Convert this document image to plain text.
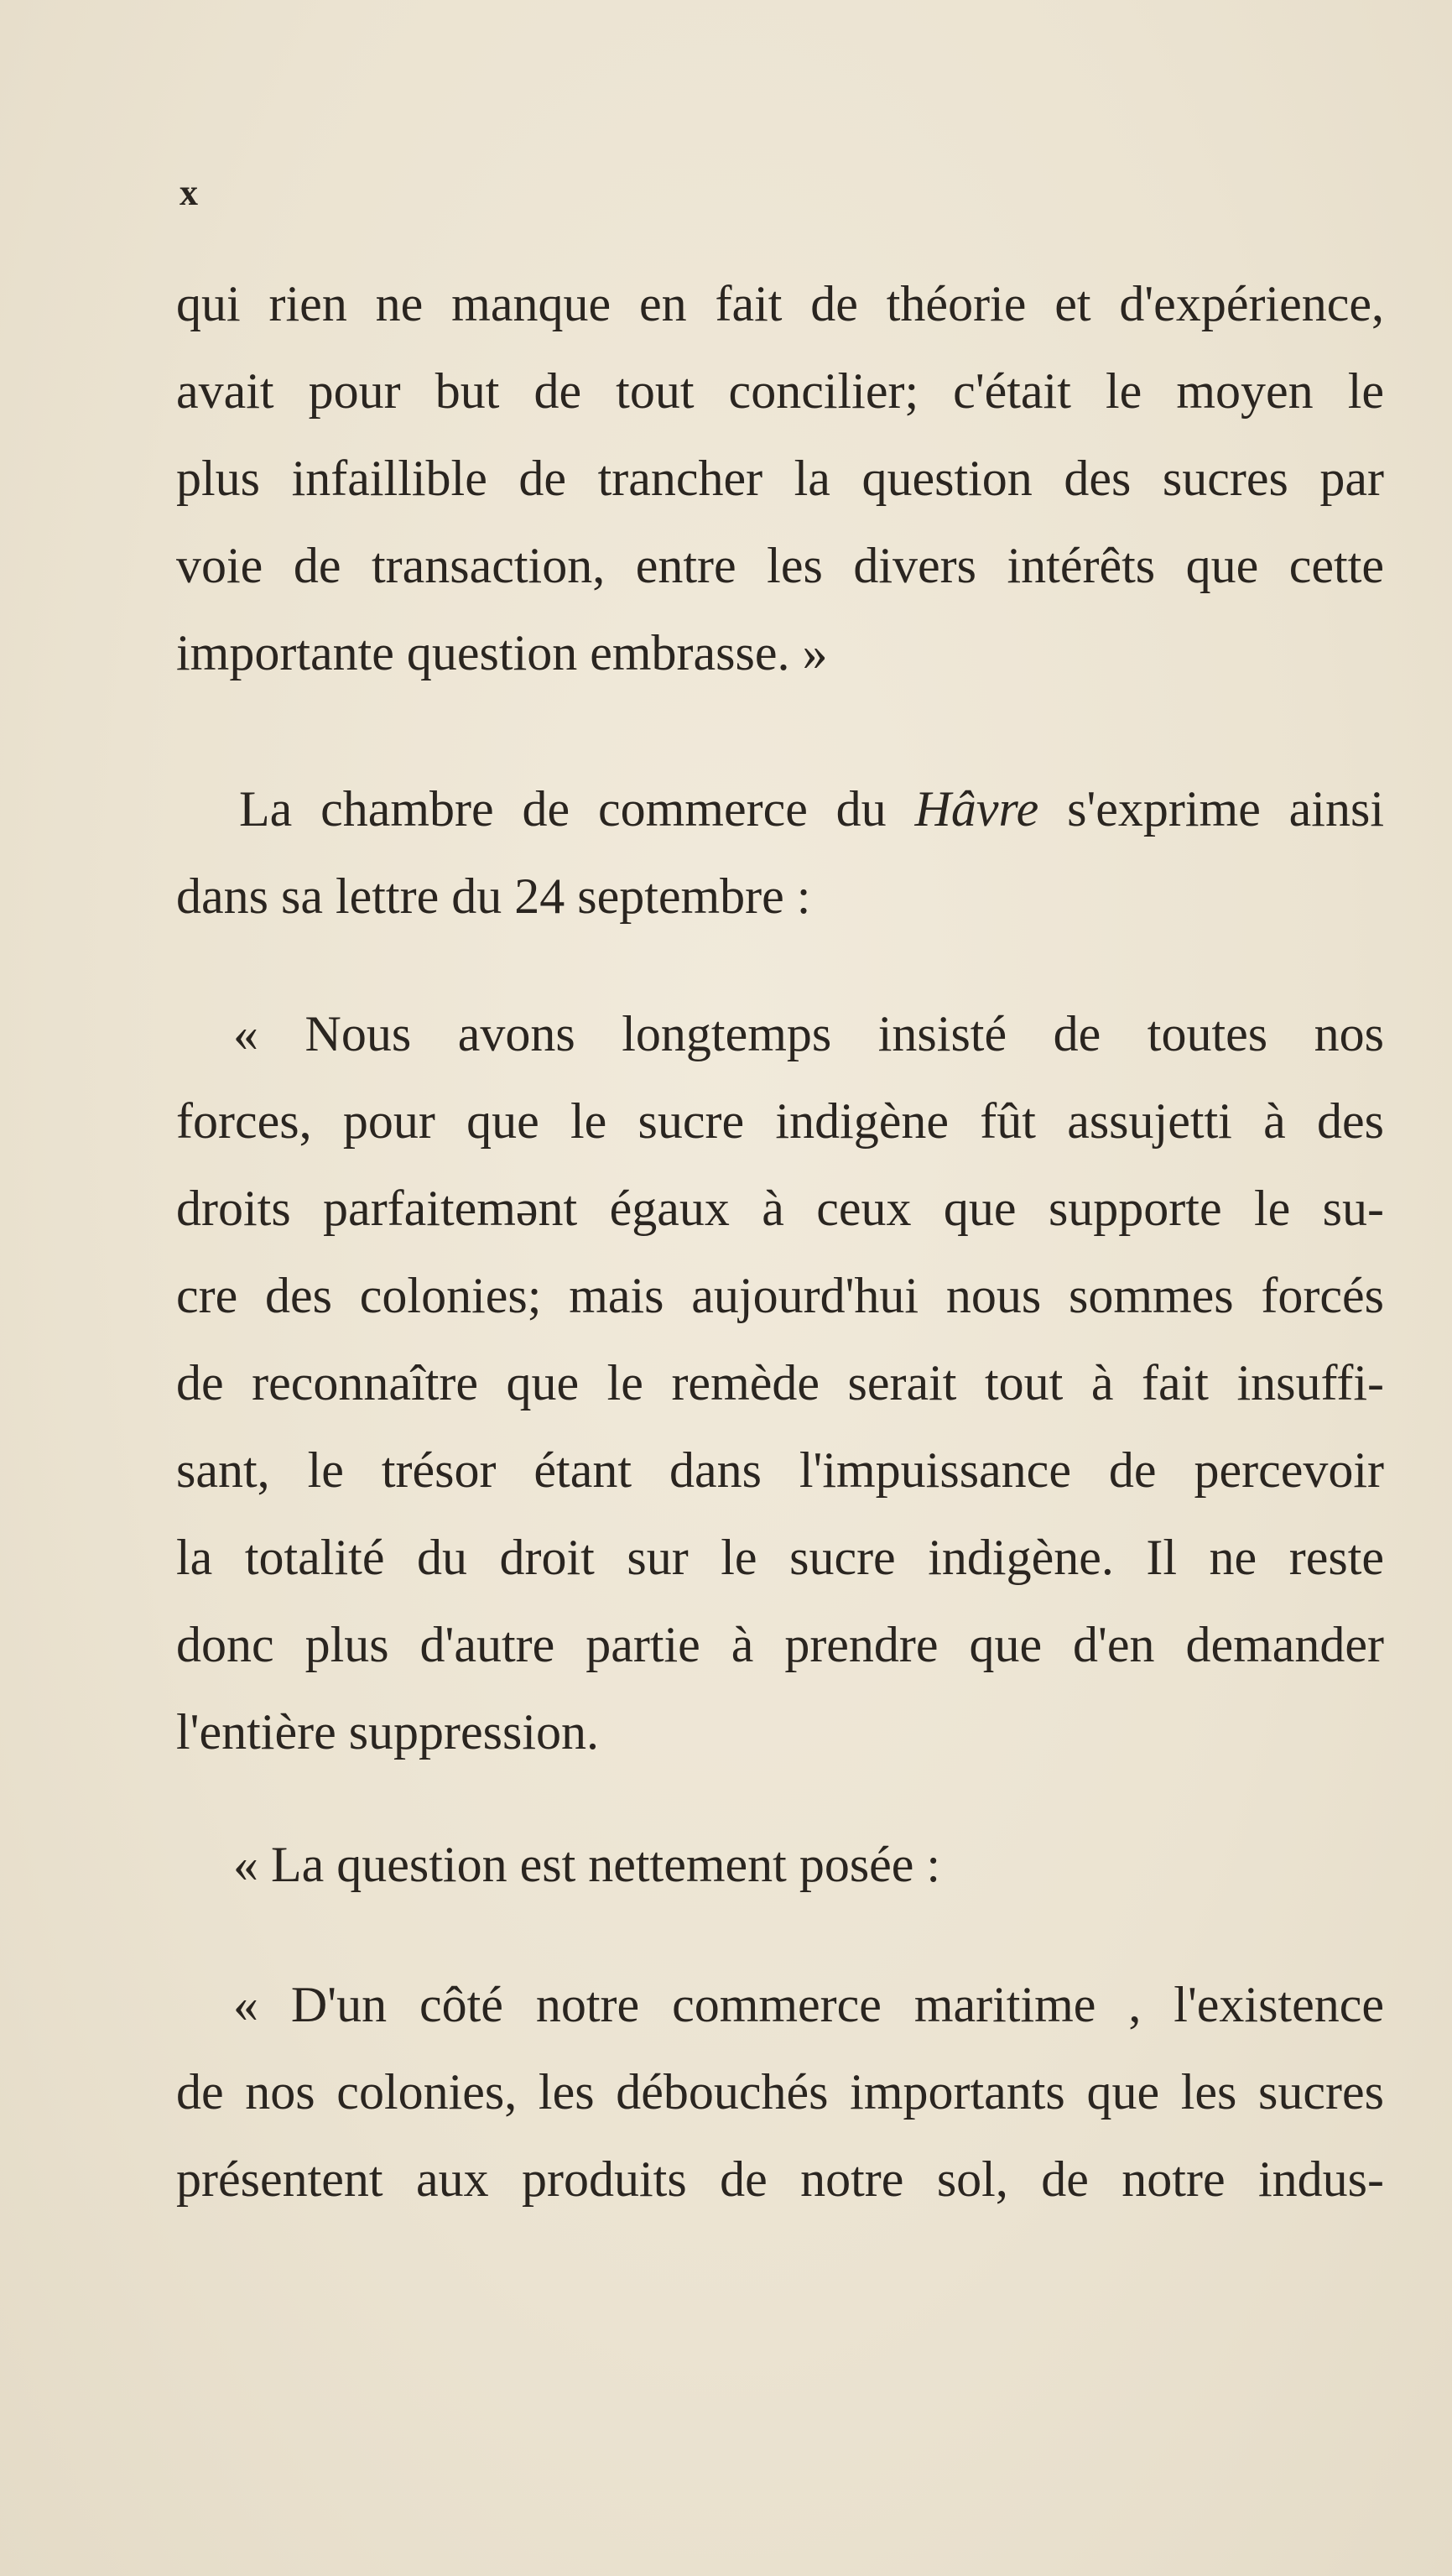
x
qui rien ne manque en fait de théorie et d'expérience,
avait pour but de tout concilier; c'était le moyen le
plus infaillible de trancher la question des sucres par
voie de transaction, entre les divers intérêts que cette
importante question embrasse. »
La chambre de commerce du Hâvre s'exprime ainsi
dans sa lettre du 24 septembre :
« Nous avons longtemps insisté de toutes nos
forces, pour que le sucre indigène fût assujetti à des
droits parfaitemənt égaux à ceux que supporte le su-
cre des colonies; mais aujourd'hui nous sommes forcés
de reconnaître que le remède serait tout à fait insuffi-
sant, le trésor étant dans l'impuissance de percevoir
la totalité du droit sur le sucre indigène. Il ne reste
donc plus d'autre partie à prendre que d'en demander
l'entière suppression.
« La question est nettement posée :
« D'un côté notre commerce maritime , l'existence
de nos colonies, les débouchés importants que les sucres
présentent aux produits de notre sol, de notre indus-
